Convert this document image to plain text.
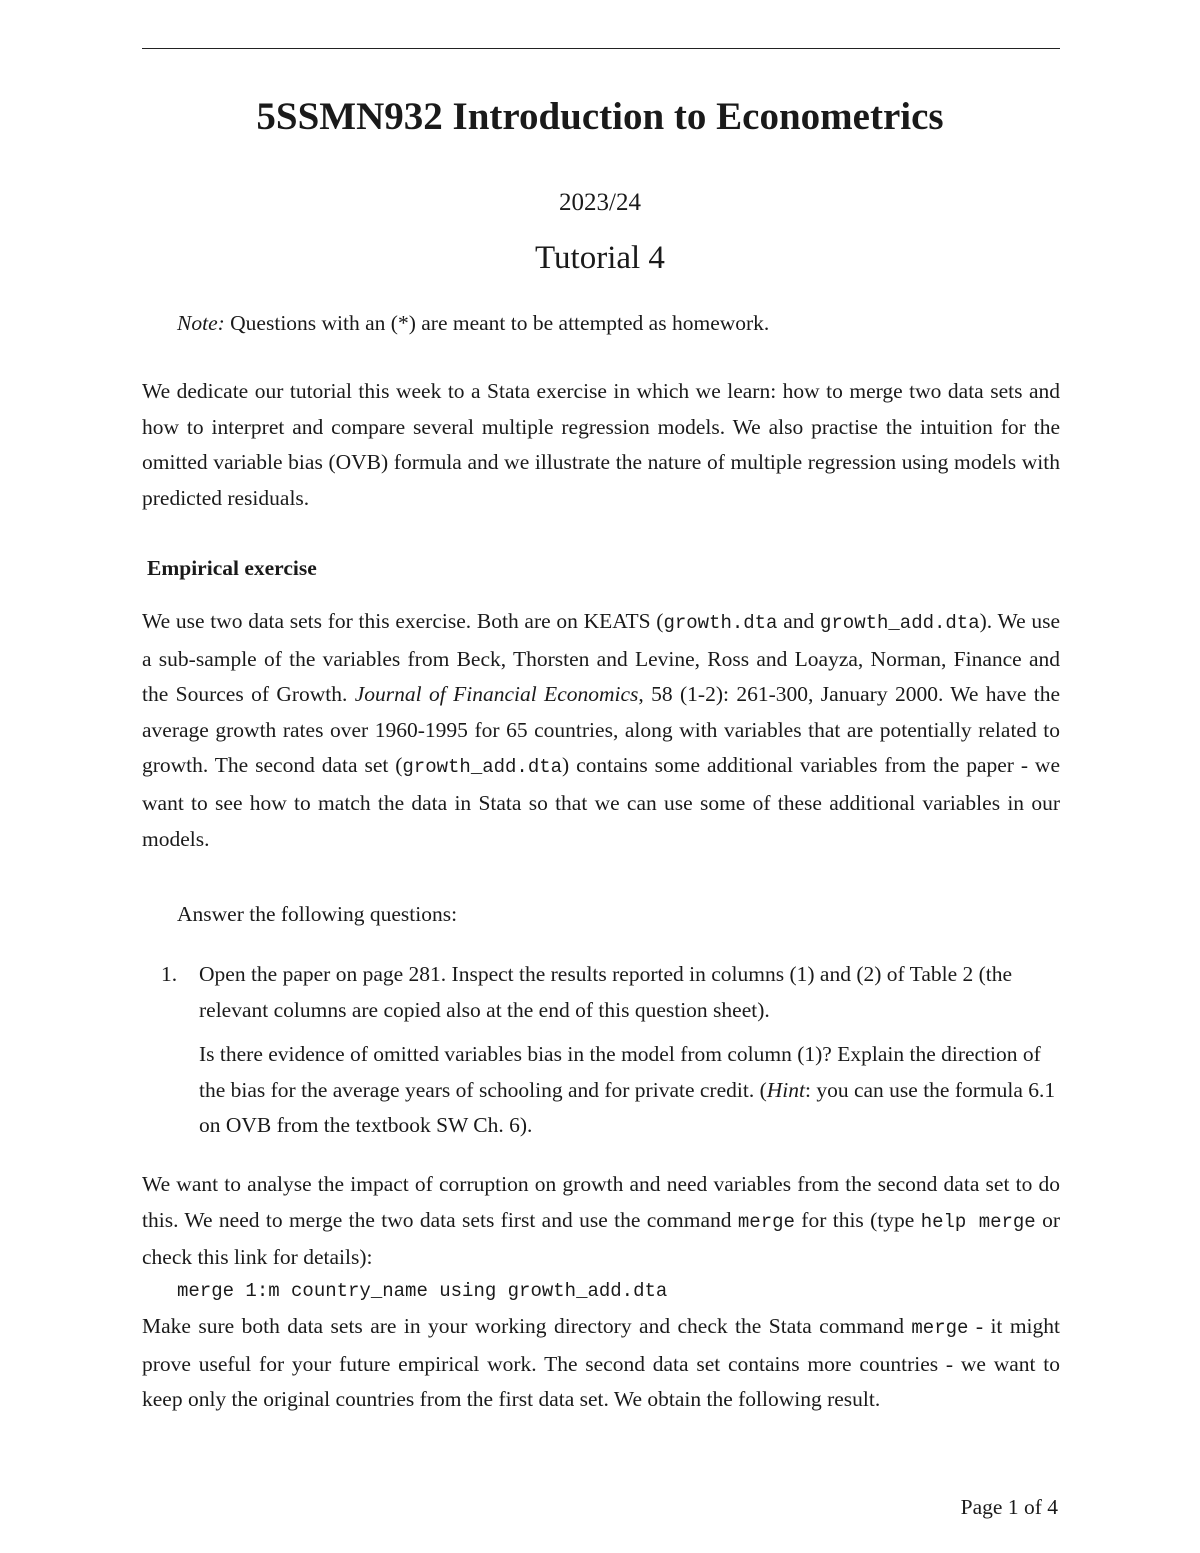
5SSMN932 Introduction to Econometrics
2023/24
Tutorial 4

Note: Questions with an (*) are meant to be attempted as homework.

We dedicate our tutorial this week to a Stata exercise in which we learn: how to merge two data sets and how to interpret and compare several multiple regression models. We also practise the intuition for the omitted variable bias (OVB) formula and we illustrate the nature of multiple regression using models with predicted residuals.

Empirical exercise

We use two data sets for this exercise. Both are on KEATS (growth.dta and growth_add.dta). We use a sub-sample of the variables from Beck, Thorsten and Levine, Ross and Loayza, Norman, Finance and the Sources of Growth. Journal of Financial Economics, 58 (1-2): 261-300, January 2000. We have the average growth rates over 1960-1995 for 65 countries, along with variables that are potentially related to growth. The second data set (growth_add.dta) contains some additional variables from the paper - we want to see how to match the data in Stata so that we can use some of these additional variables in our models.

Answer the following questions:

1. Open the paper on page 281. Inspect the results reported in columns (1) and (2) of Table 2 (the relevant columns are copied also at the end of this question sheet).

Is there evidence of omitted variables bias in the model from column (1)? Explain the direction of the bias for the average years of schooling and for private credit. (Hint: you can use the formula 6.1 on OVB from the textbook SW Ch. 6).

We want to analyse the impact of corruption on growth and need variables from the second data set to do this. We need to merge the two data sets first and use the command merge for this (type help merge or check this link for details):

merge 1:m country_name using growth_add.dta

Make sure both data sets are in your working directory and check the Stata command merge - it might prove useful for your future empirical work. The second data set contains more countries - we want to keep only the original countries from the first data set. We obtain the following result.

Page 1 of 4
